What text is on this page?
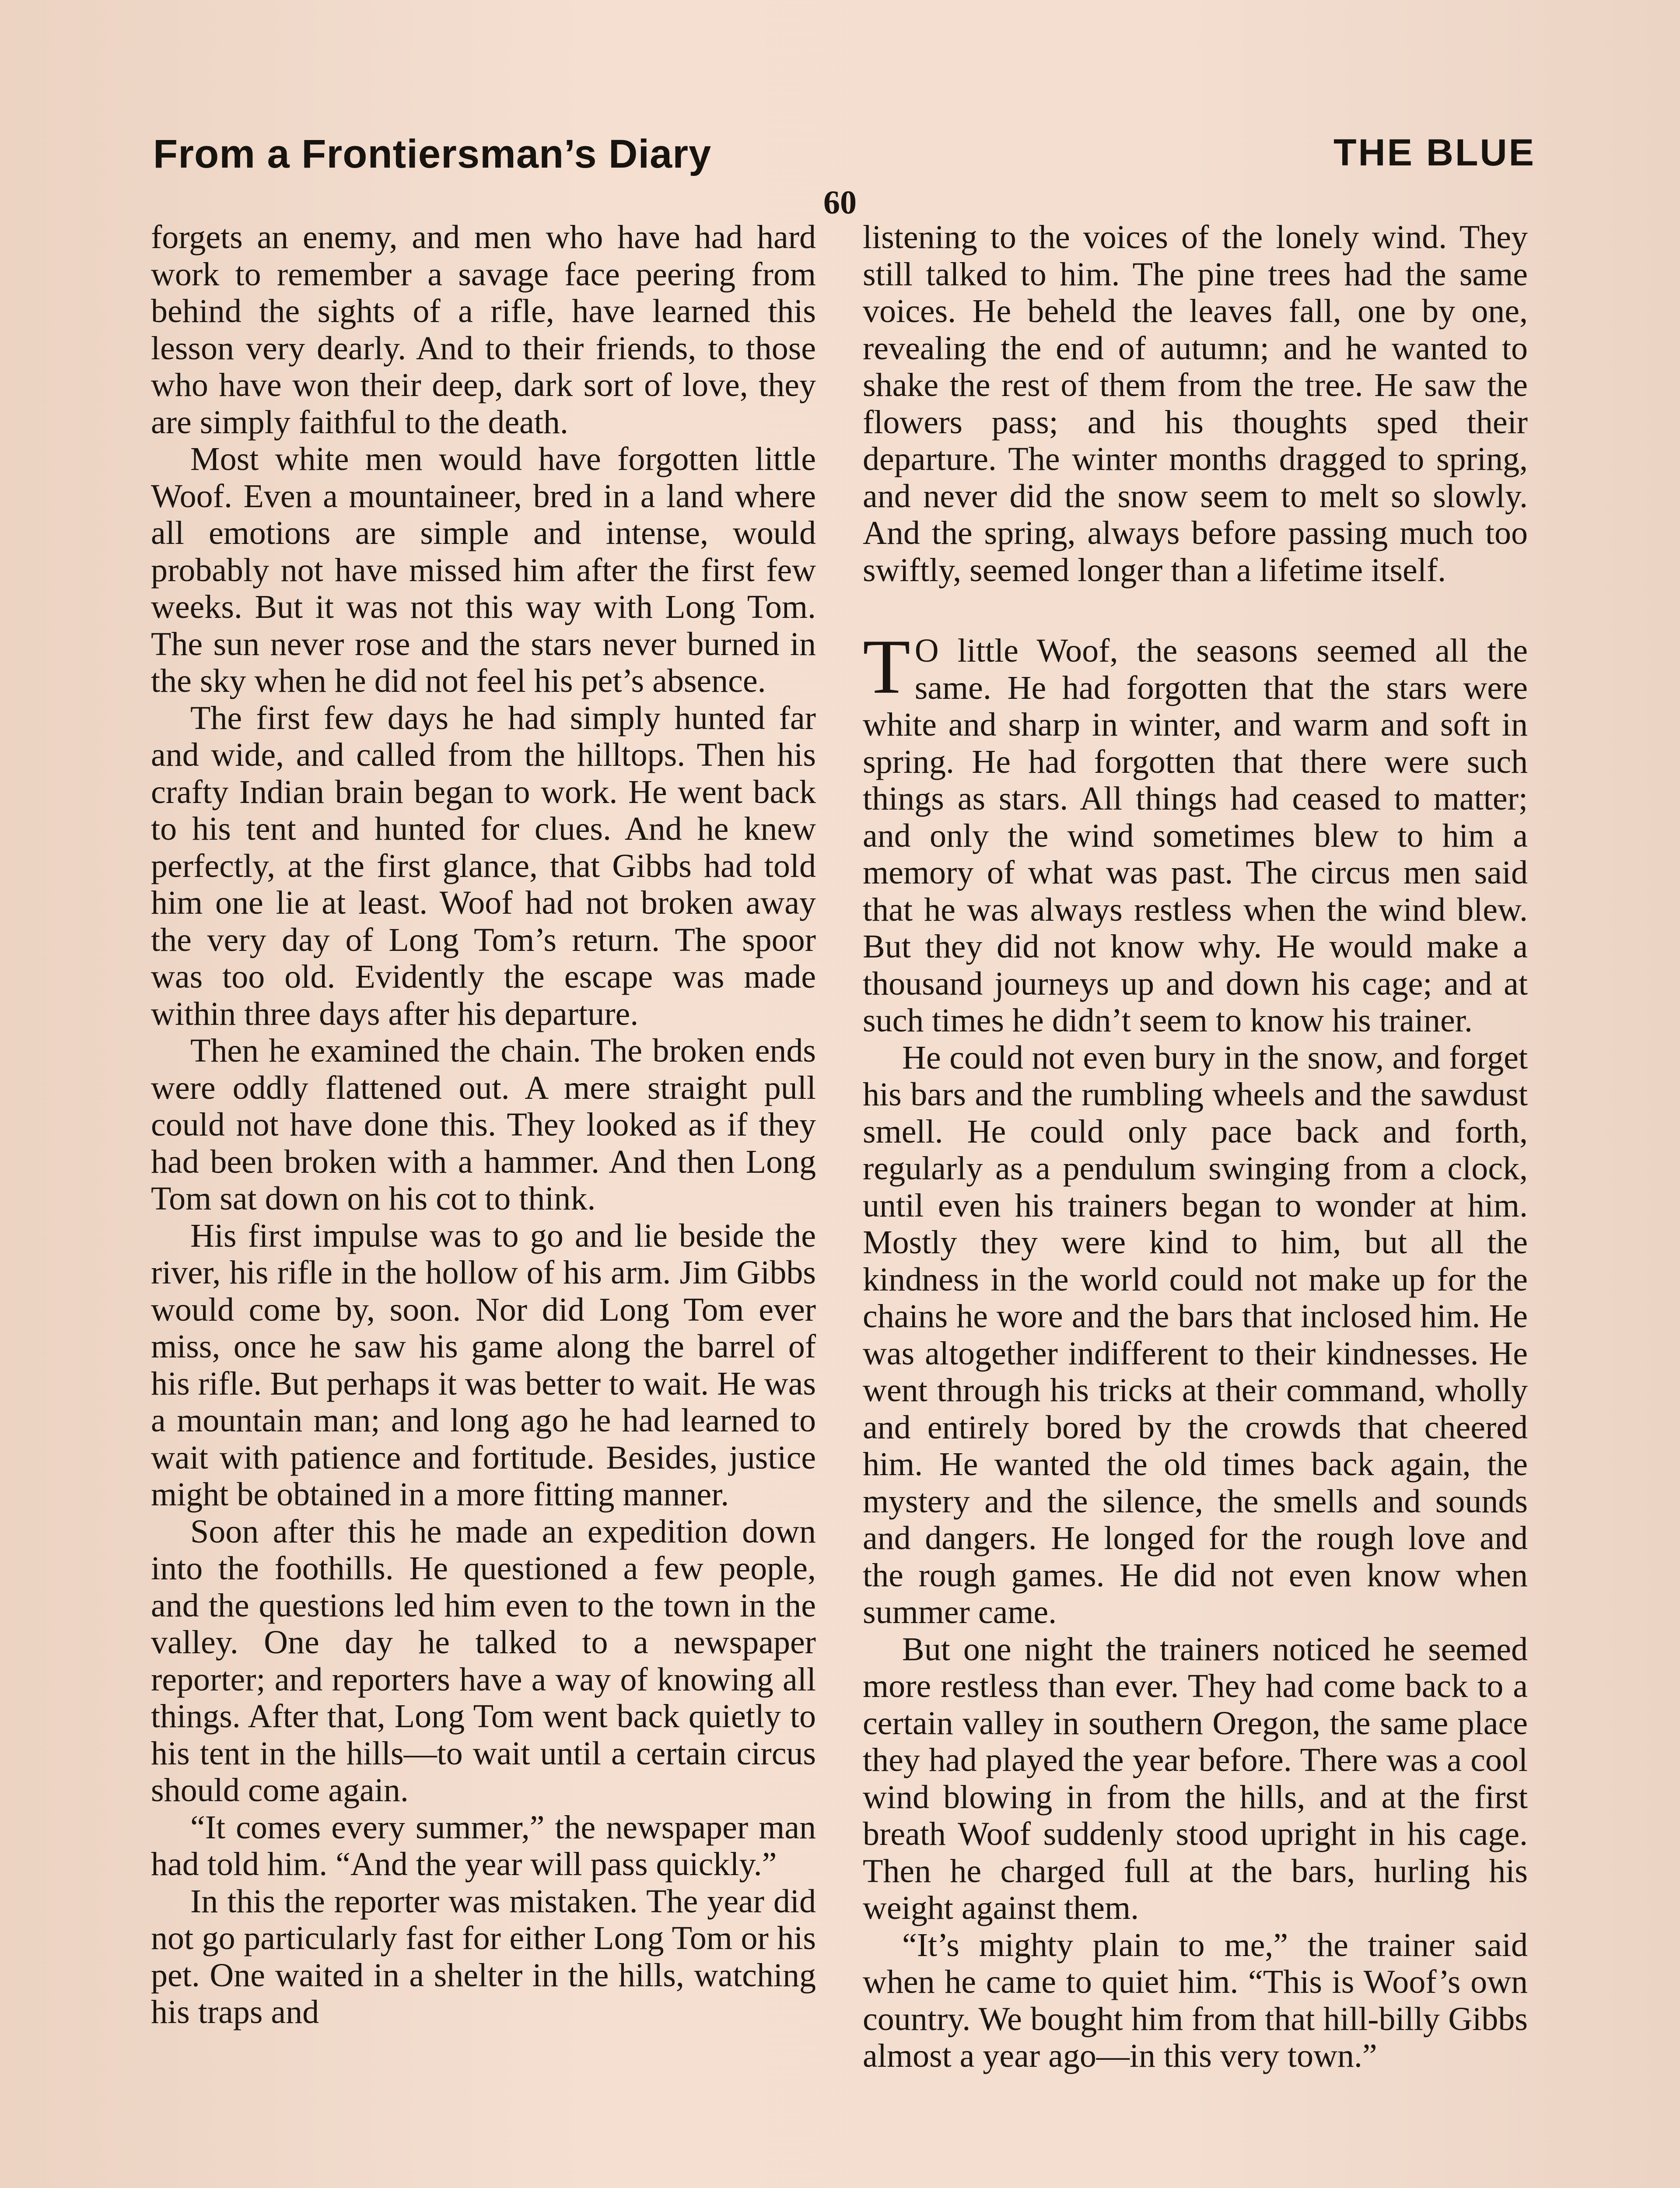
From a Frontiersman’s Diary	THE BLUE
60

forgets an enemy, and men who have had hard work to remember a savage face peering from behind the sights of a rifle, have learned this lesson very dearly. And to their friends, to those who have won their deep, dark sort of love, they are simply faithful to the death.

Most white men would have forgotten little Woof. Even a mountaineer, bred in a land where all emotions are simple and intense, would probably not have missed him after the first few weeks. But it was not this way with Long Tom. The sun never rose and the stars never burned in the sky when he did not feel his pet’s absence.

The first few days he had simply hunted far and wide, and called from the hilltops. Then his crafty Indian brain began to work. He went back to his tent and hunted for clues. And he knew perfectly, at the first glance, that Gibbs had told him one lie at least. Woof had not broken away the very day of Long Tom’s return. The spoor was too old. Evidently the escape was made within three days after his departure.

Then he examined the chain. The broken ends were oddly flattened out. A mere straight pull could not have done this. They looked as if they had been broken with a hammer. And then Long Tom sat down on his cot to think.

His first impulse was to go and lie beside the river, his rifle in the hollow of his arm. Jim Gibbs would come by, soon. Nor did Long Tom ever miss, once he saw his game along the barrel of his rifle. But perhaps it was better to wait. He was a mountain man; and long ago he had learned to wait with patience and fortitude. Besides, justice might be obtained in a more fitting manner.

Soon after this he made an expedition down into the foothills. He questioned a few people, and the questions led him even to the town in the valley. One day he talked to a newspaper reporter; and reporters have a way of knowing all things. After that, Long Tom went back quietly to his tent in the hills—to wait until a certain circus should come again.

“It comes every summer,” the newspaper man had told him. “And the year will pass quickly.”

In this the reporter was mistaken. The year did not go particularly fast for either Long Tom or his pet. One waited in a shelter in the hills, watching his traps and

listening to the voices of the lonely wind. They still talked to him. The pine trees had the same voices. He beheld the leaves fall, one by one, revealing the end of autumn; and he wanted to shake the rest of them from the tree. He saw the flowers pass; and his thoughts sped their departure. The winter months dragged to spring, and never did the snow seem to melt so slowly. And the spring, always before passing much too swiftly, seemed longer than a lifetime itself.

T O little Woof, the seasons seemed all the same. He had forgotten that the stars were white and sharp in winter, and warm and soft in spring. He had forgotten that there were such things as stars. All things had ceased to matter; and only the wind sometimes blew to him a memory of what was past. The circus men said that he was always restless when the wind blew. But they did not know why. He would make a thousand journeys up and down his cage; and at such times he didn’t seem to know his trainer.

He could not even bury in the snow, and forget his bars and the rumbling wheels and the sawdust smell. He could only pace back and forth, regularly as a pendulum swinging from a clock, until even his trainers began to wonder at him. Mostly they were kind to him, but all the kindness in the world could not make up for the chains he wore and the bars that inclosed him. He was altogether indifferent to their kindnesses. He went through his tricks at their command, wholly and entirely bored by the crowds that cheered him. He wanted the old times back again, the mystery and the silence, the smells and sounds and dangers. He longed for the rough love and the rough games. He did not even know when summer came.

But one night the trainers noticed he seemed more restless than ever. They had come back to a certain valley in southern Oregon, the same place they had played the year before. There was a cool wind blowing in from the hills, and at the first breath Woof suddenly stood upright in his cage. Then he charged full at the bars, hurling his weight against them.

“It’s mighty plain to me,” the trainer said when he came to quiet him. “This is Woof’s own country. We bought him from that hill-billy Gibbs almost a year ago—in this very town.”
